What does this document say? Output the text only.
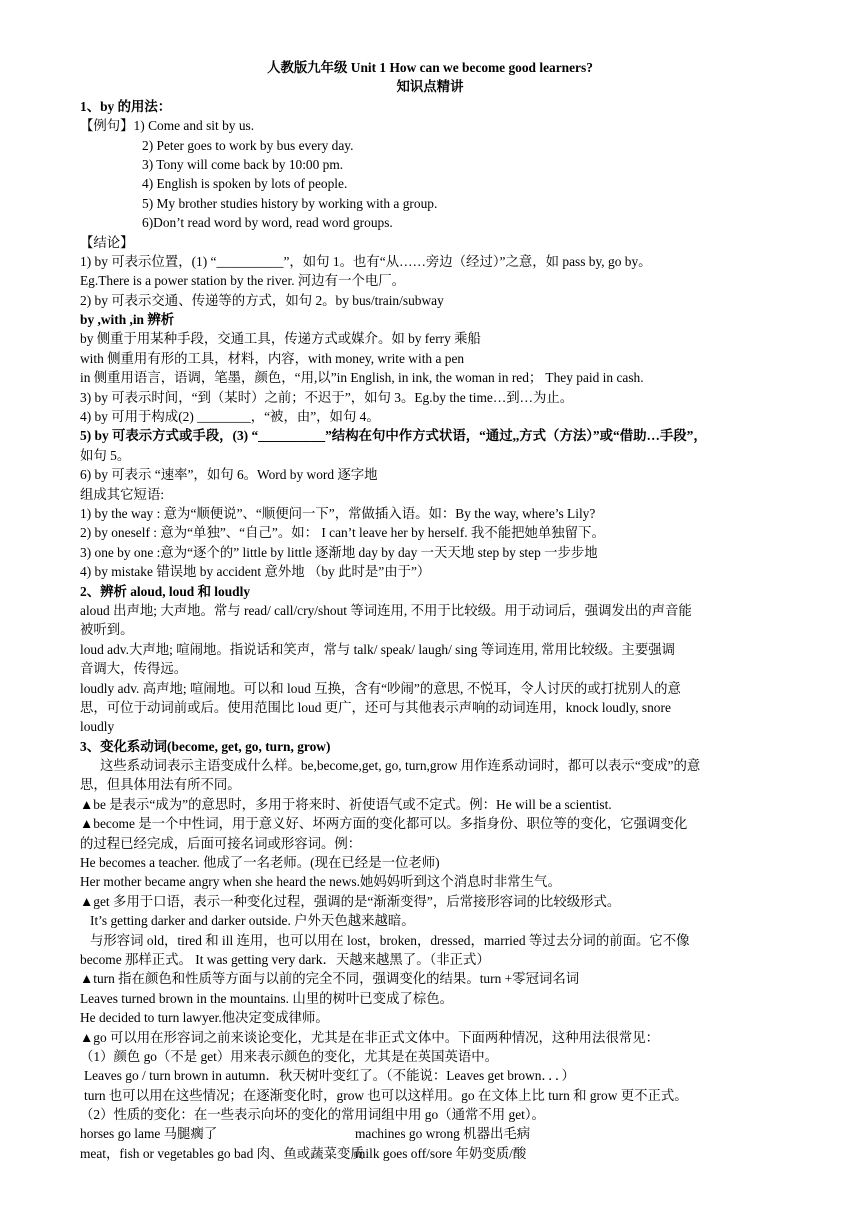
人教版九年级 Unit 1 How can we become good learners?
知识点精讲
1、by 的用法：
【例句】1) Come and sit by us.
2) Peter goes to work by bus every day.
3) Tony will come back by 10:00 pm.
4) English is spoken by lots of people.
5) My brother studies history by working with a group.
6)Don’t read word by word, read word groups.
【结论】
1) by 可表示位置，(1) “__________”，如句 1。也有“从……旁边（经过）”之意，如 pass by, go by。
Eg.There is a power station by the river. 河边有一个电厂。
2) by 可表示交通、传递等的方式，如句 2。by bus/train/subway
by ,with ,in 辨析
by 侧重于用某种手段，交通工具，传递方式或媒介。如 by ferry 乘船
with 侧重用有形的工具，材料，内容，with money, write with a pen
in 侧重用语言，语调，笔墨，颜色，“用,以”in English, in ink, the woman in red； They paid in cash.
3) by 可表示时间，“到（某时）之前；不迟于”，如句 3。Eg.by the time…到…为止。
4) by 可用于构成(2) ________，“被，由”，如句 4。
5) by 可表示方式或手段，(3) “__________”结构在句中作方式状语，“通过,,方式（方法）”或“借助…手段”，
如句 5。
6) by 可表示 “速率”，如句 6。Word by word 逐字地
组成其它短语:
1) by the way : 意为“顺便说”、“顺便问一下”，常做插入语。如：By the way, where’s Lily?
2) by oneself : 意为“单独”、“自己”。如： I can’t leave her by herself. 我不能把她单独留下。
3) one by one :意为“逐个的” little by little 逐渐地 day by day 一天天地 step by step 一步步地
4) by mistake 错误地 by accident 意外地 （by 此时是”由于”）
2、辨析 aloud, loud 和 loudly
aloud 出声地; 大声地。常与 read/ call/cry/shout 等词连用, 不用于比较级。用于动词后，强调发出的声音能
被听到。
loud adv.大声地; 喧闹地。指说话和笑声，常与 talk/ speak/ laugh/ sing 等词连用, 常用比较级。主要强调
音调大，传得远。
loudly adv. 高声地; 喧闹地。可以和 loud 互换，含有“吵闹”的意思, 不悦耳，令人讨厌的或打扰别人的意
思，可位于动词前或后。使用范围比 loud 更广，还可与其他表示声响的动词连用，knock loudly, snore
loudly
3、变化系动词(become, get, go, turn, grow)
这些系动词表示主语变成什么样。be,become,get, go, turn,grow 用作连系动词时，都可以表示“变成”的意
思，但具体用法有所不同。
▲be 是表示“成为”的意思时，多用于将来时、祈使语气或不定式。例：He will be a scientist.
▲become 是一个中性词，用于意义好、坏两方面的变化都可以。多指身份、职位等的变化，它强调变化
的过程已经完成，后面可接名词或形容词。例：
He becomes a teacher. 他成了一名老师。(现在已经是一位老师)
Her mother became angry when she heard the news.她妈妈听到这个消息时非常生气。
▲get 多用于口语，表示一种变化过程，强调的是“渐渐变得”，后常接形容词的比较级形式。
It’s getting darker and darker outside. 户外天色越来越暗。
与形容词 old，tired 和 ill 连用，也可以用在 lost，broken，dressed，married 等过去分词的前面。它不像
become 那样正式。 It was getting very dark．天越来越黑了。（非正式）
▲turn 指在颜色和性质等方面与以前的完全不同，强调变化的结果。turn +零冠词名词
Leaves turned brown in the mountains. 山里的树叶已变成了棕色。
He decided to turn lawyer.他决定变成律师。
▲go 可以用在形容词之前来谈论变化，尤其是在非正式文体中。下面两种情况，这种用法很常见：
（1）颜色 go（不是 get）用来表示颜色的变化，尤其是在英国英语中。
Leaves go / turn brown in autumn．秋天树叶变红了。（不能说：Leaves get brown．．．）
turn 也可以用在这些情况；在逐渐变化时，grow 也可以这样用。go 在文体上比 turn 和 grow 更不正式。
（2）性质的变化：在一些表示向坏的变化的常用词组中用 go（通常不用 get）。
horses go lame 马腿瘸了	machines go wrong 机器出毛病
meat，fish or vegetables go bad 肉、鱼或蔬菜变质milk goes off/sore 年奶变质/酸
